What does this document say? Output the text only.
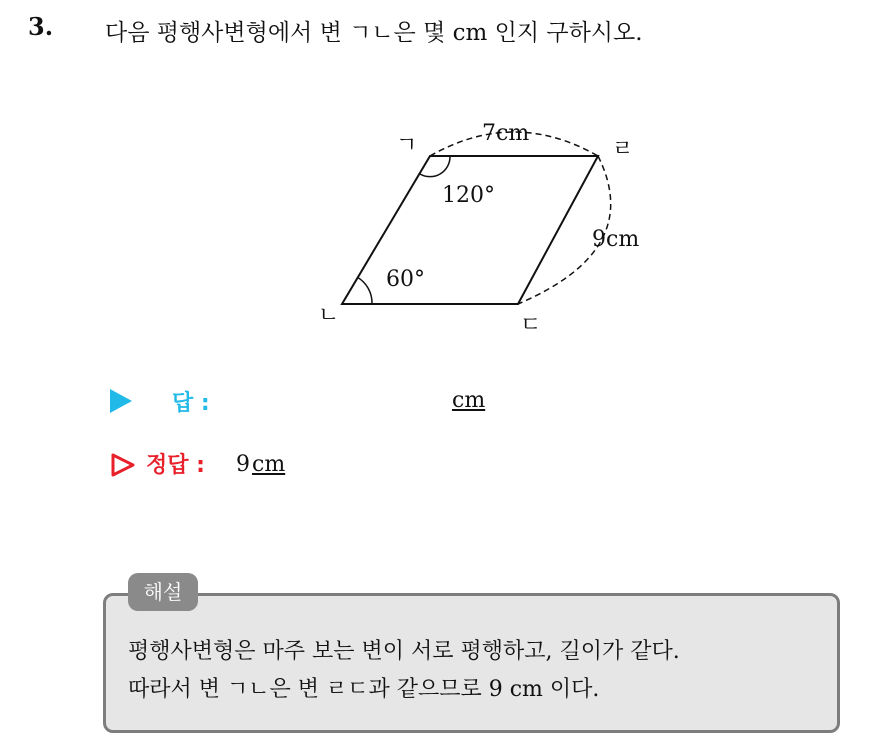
3. 다음 평행사변형에서 변 ㄱㄴ은 몇 cm 인지 구하시오.
ㄱ
ㄴ	ㄷ
ㄹ
7cm
9cm
120°
60°
답 :	cm
정답 : 9cm
해설
평행사변형은 마주 보는 변이 서로 평행하고, 길이가 같다.
따라서 변 ㄱㄴ은 변 ㄹㄷ과 같으므로 9 cm 이다.
